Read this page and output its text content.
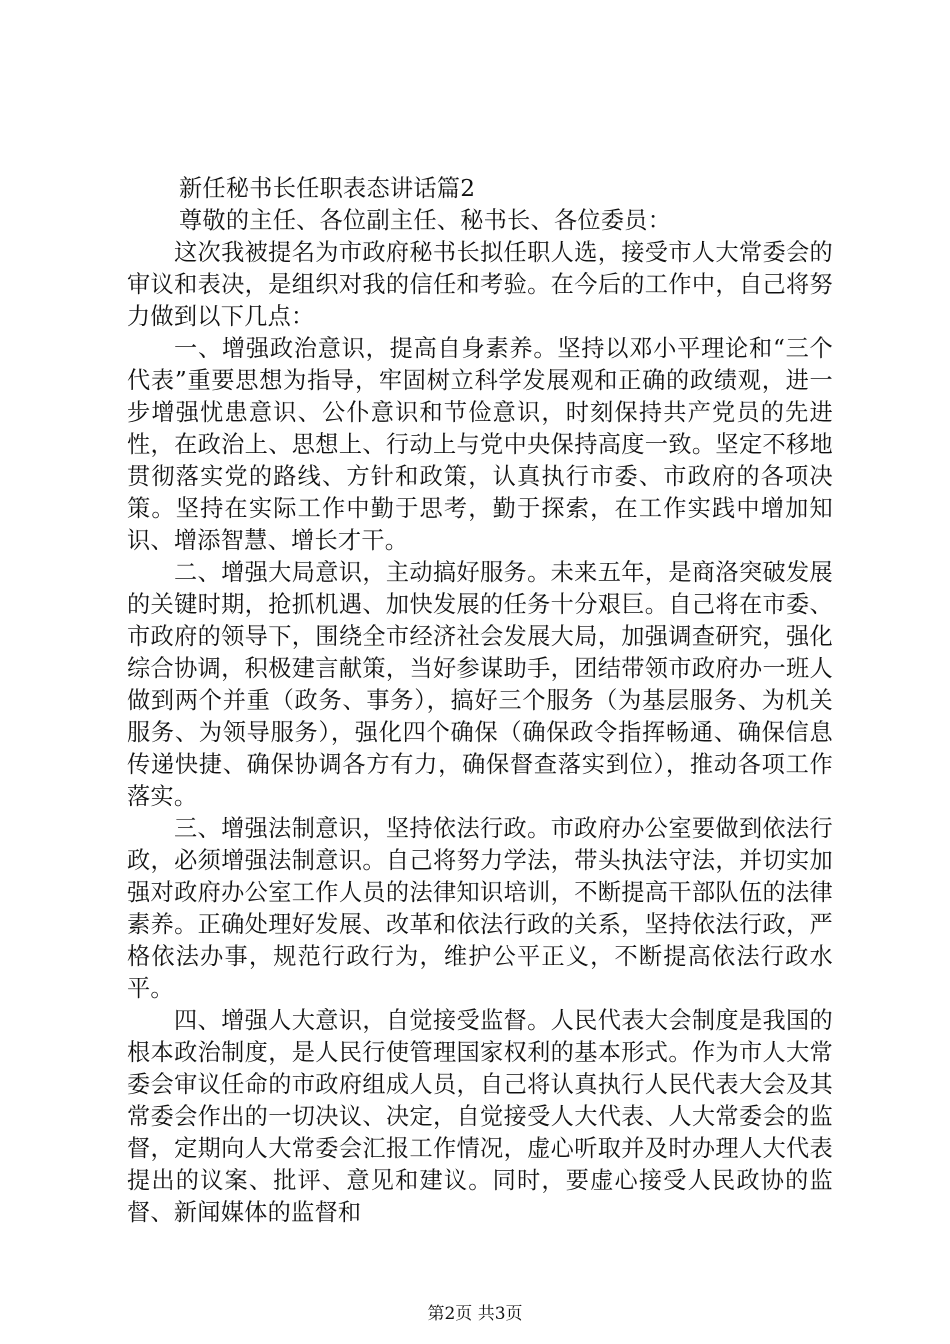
新任秘书长任职表态讲话篇2

尊敬的主任、各位副主任、秘书长、各位委员：

这次我被提名为市政府秘书长拟任职人选，接受市人大常委会的审议和表决，是组织对我的信任和考验。在今后的工作中，自己将努力做到以下几点：

一、增强政治意识，提高自身素养。坚持以邓小平理论和“三个代表”重要思想为指导，牢固树立科学发展观和正确的政绩观，进一步增强忧患意识、公仆意识和节俭意识，时刻保持共产党员的先进性，在政治上、思想上、行动上与党中央保持高度一致。坚定不移地贯彻落实党的路线、方针和政策，认真执行市委、市政府的各项决策。坚持在实际工作中勤于思考，勤于探索，在工作实践中增加知识、增添智慧、增长才干。

二、增强大局意识，主动搞好服务。未来五年，是商洛突破发展的关键时期，抢抓机遇、加快发展的任务十分艰巨。自己将在市委、市政府的领导下，围绕全市经济社会发展大局，加强调查研究，强化综合协调，积极建言献策，当好参谋助手，团结带领市政府办一班人做到两个并重（政务、事务），搞好三个服务（为基层服务、为机关服务、为领导服务），强化四个确保（确保政令指挥畅通、确保信息传递快捷、确保协调各方有力，确保督查落实到位），推动各项工作落实。

三、增强法制意识，坚持依法行政。市政府办公室要做到依法行政，必须增强法制意识。自己将努力学法，带头执法守法，并切实加强对政府办公室工作人员的法律知识培训，不断提高干部队伍的法律素养。正确处理好发展、改革和依法行政的关系，坚持依法行政，严格依法办事，规范行政行为，维护公平正义，不断提高依法行政水平。

四、增强人大意识，自觉接受监督。人民代表大会制度是我国的根本政治制度，是人民行使管理国家权利的基本形式。作为市人大常委会审议任命的市政府组成人员，自己将认真执行人民代表大会及其常委会作出的一切决议、决定，自觉接受人大代表、人大常委会的监督，定期向人大常委会汇报工作情况，虚心听取并及时办理人大代表提出的议案、批评、意见和建议。同时，要虚心接受人民政协的监督、新闻媒体的监督和

第2页 共3页
